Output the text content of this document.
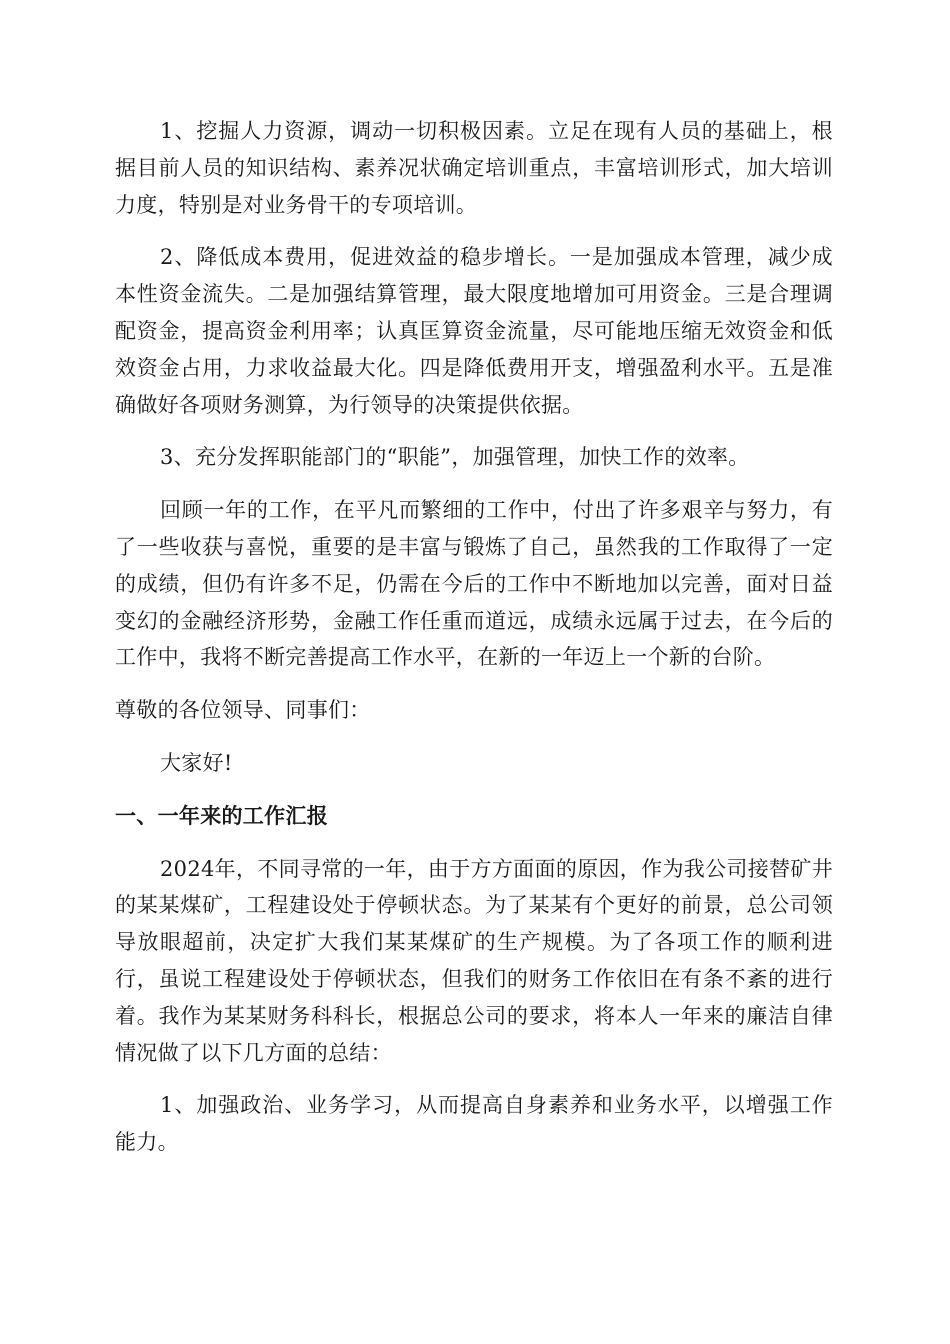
1、挖掘人力资源，调动一切积极因素。立足在现有人员的基础上，根据目前人员的知识结构、素养况状确定培训重点，丰富培训形式，加大培训力度，特别是对业务骨干的专项培训。

2、降低成本费用，促进效益的稳步增长。一是加强成本管理，减少成本性资金流失。二是加强结算管理，最大限度地增加可用资金。三是合理调配资金，提高资金利用率；认真匡算资金流量，尽可能地压缩无效资金和低效资金占用，力求收益最大化。四是降低费用开支，增强盈利水平。五是准确做好各项财务测算，为行领导的决策提供依据。

3、充分发挥职能部门的“职能”，加强管理，加快工作的效率。

回顾一年的工作，在平凡而繁细的工作中，付出了许多艰辛与努力，有了一些收获与喜悦，重要的是丰富与锻炼了自己，虽然我的工作取得了一定的成绩，但仍有许多不足，仍需在今后的工作中不断地加以完善，面对日益变幻的金融经济形势，金融工作任重而道远，成绩永远属于过去，在今后的工作中，我将不断完善提高工作水平，在新的一年迈上一个新的台阶。

尊敬的各位领导、同事们：

大家好!

一、一年来的工作汇报

2024年，不同寻常的一年，由于方方面面的原因，作为我公司接替矿井的某某煤矿，工程建设处于停顿状态。为了某某有个更好的前景，总公司领导放眼超前，决定扩大我们某某煤矿的生产规模。为了各项工作的顺利进行，虽说工程建设处于停顿状态，但我们的财务工作依旧在有条不紊的进行着。我作为某某财务科科长，根据总公司的要求，将本人一年来的廉洁自律情况做了以下几方面的总结：

1、加强政治、业务学习，从而提高自身素养和业务水平，以增强工作能力。
